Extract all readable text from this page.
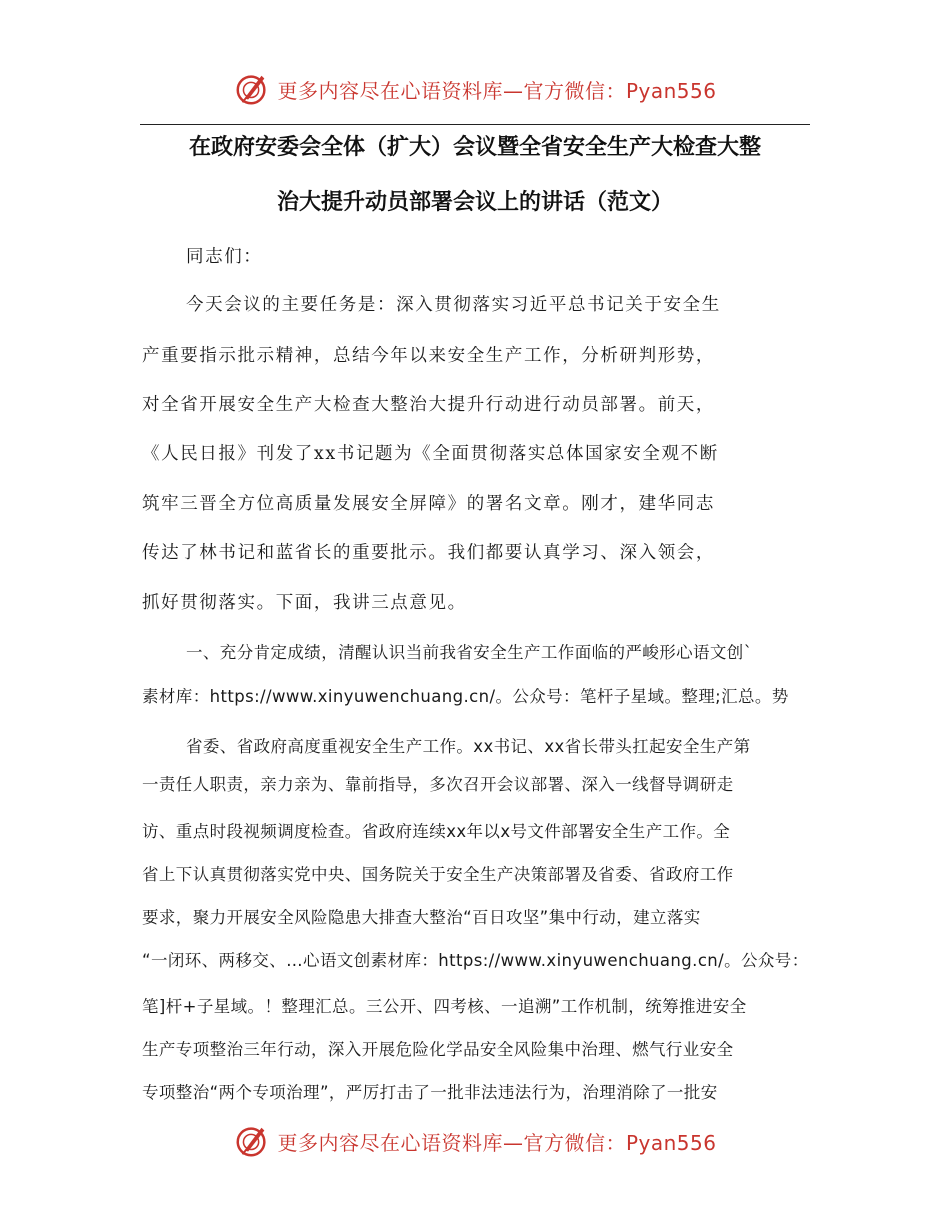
更多内容尽在心语资料库—官方微信：Pyan556
在政府安委会全体（扩大）会议暨全省安全生产大检查大整
治大提升动员部署会议上的讲话（范文）
同志们：
今天会议的主要任务是：深入贯彻落实习近平总书记关于安全生
产重要指示批示精神，总结今年以来安全生产工作，分析研判形势，
对全省开展安全生产大检查大整治大提升行动进行动员部署。前天，
《人民日报》刊发了xx书记题为《全面贯彻落实总体国家安全观不断
筑牢三晋全方位高质量发展安全屏障》的署名文章。刚才，建华同志
传达了林书记和蓝省长的重要批示。我们都要认真学习、深入领会，
抓好贯彻落实。下面，我讲三点意见。
一、充分肯定成绩，清醒认识当前我省安全生产工作面临的严峻形心语文创`
素材库：https://www.xinyuwenchuang.cn/。公众号：笔杆子星域。整理;汇总。势
省委、省政府高度重视安全生产工作。xx书记、xx省长带头扛起安全生产第
一责任人职责，亲力亲为、靠前指导，多次召开会议部署、深入一线督导调研走
访、重点时段视频调度检查。省政府连续xx年以x号文件部署安全生产工作。全
省上下认真贯彻落实党中央、国务院关于安全生产决策部署及省委、省政府工作
要求，聚力开展安全风险隐患大排查大整治“百日攻坚”集中行动，建立落实
“一闭环、两移交、…心语文创素材库：https://www.xinyuwenchuang.cn/。公众号：
笔]杆+子星域。！整理汇总。三公开、四考核、一追溯”工作机制，统筹推进安全
生产专项整治三年行动，深入开展危险化学品安全风险集中治理、燃气行业安全
专项整治“两个专项治理”，严厉打击了一批非法违法行为，治理消除了一批安
更多内容尽在心语资料库—官方微信：Pyan556
